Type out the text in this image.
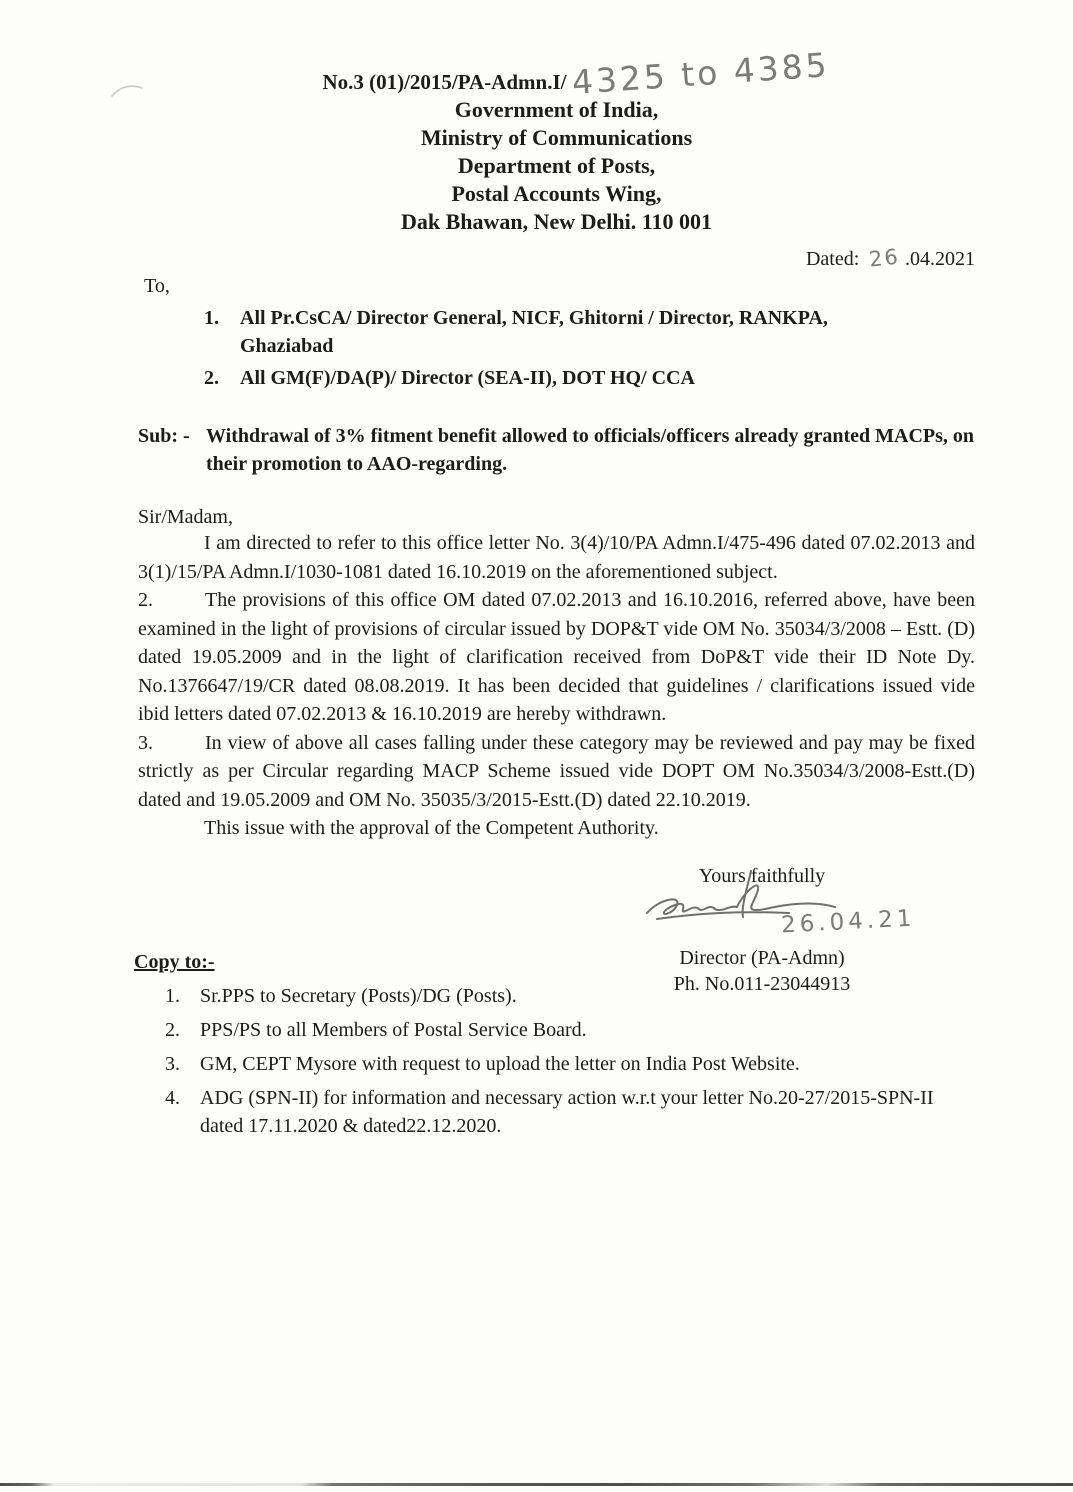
No.3 (01)/2015/PA-Admn.I/ 4325 to 4385
Government of India,
Ministry of Communications
Department of Posts,
Postal Accounts Wing,
Dak Bhawan, New Delhi. 110 001
Dated: 26 .04.2021
To,
1.	All Pr.CsCA/ Director General, NICF, Ghitorni / Director, RANKPA, Ghaziabad
2.	All GM(F)/DA(P)/ Director (SEA-II), DOT HQ/ CCA
Sub: - Withdrawal of 3% fitment benefit allowed to officials/officers already granted MACPs, on their promotion to AAO-regarding.
Sir/Madam,

I am directed to refer to this office letter No. 3(4)/10/PA Admn.I/475-496 dated 07.02.2013 and 3(1)/15/PA Admn.I/1030-1081 dated 16.10.2019 on the aforementioned subject.

2.	The provisions of this office OM dated 07.02.2013 and 16.10.2016, referred above, have been examined in the light of provisions of circular issued by DOP&T vide OM No. 35034/3/2008 – Estt. (D) dated 19.05.2009 and in the light of clarification received from DoP&T vide their ID Note Dy. No.1376647/19/CR dated 08.08.2019. It has been decided that guidelines / clarifications issued vide ibid letters dated 07.02.2013 & 16.10.2019 are hereby withdrawn.

3.	In view of above all cases falling under these category may be reviewed and pay may be fixed strictly as per Circular regarding MACP Scheme issued vide DOPT OM No.35034/3/2008-Estt.(D) dated and 19.05.2009 and OM No. 35035/3/2015-Estt.(D) dated 22.10.2019.

This issue with the approval of the Competent Authority.

Yours faithfully
26.04.21
Director (PA-Admn)
Ph. No.011-23044913
Copy to:-
1.	Sr.PPS to Secretary (Posts)/DG (Posts).
2.	PPS/PS to all Members of Postal Service Board.
3.	GM, CEPT Mysore with request to upload the letter on India Post Website.
4.	ADG (SPN-II) for information and necessary action w.r.t your letter No.20-27/2015-SPN-II dated 17.11.2020 & dated22.12.2020.
